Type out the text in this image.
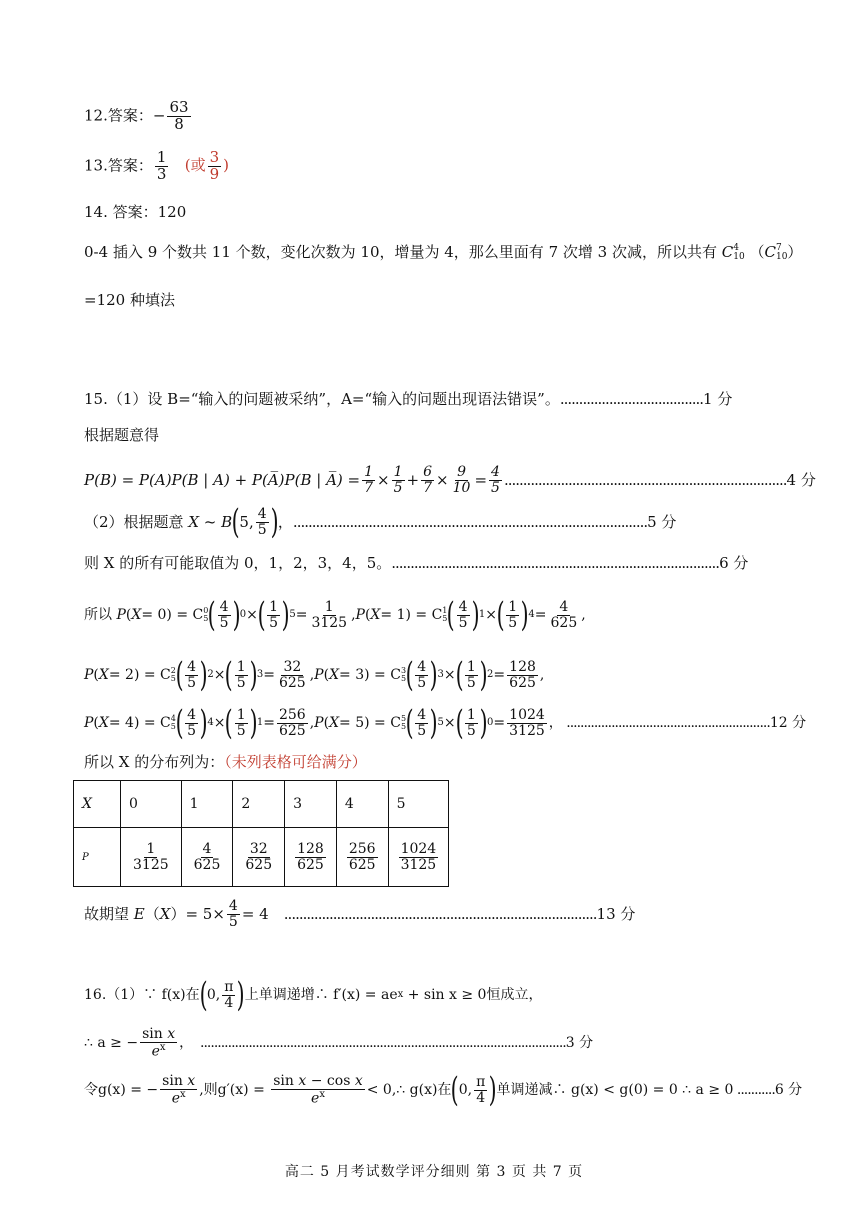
12.答案：− $\frac{63}{8}$
13.答案： $\frac{1}{3}$ (或 $\frac{3}{9}$ )
14. 答案：120
0-4 插入 9 个数共 11 个数，变化次数为 10，增量为 4，那么里面有 7 次增 3 次减，所以共有 C 4
10 （C 7
10 ）
=120 种填法
15.（1）设 B=“输入的问题被采纳”，A=“输入的问题出现语法错误”。......................................1 分
根据题意得
P(B) = P(A)P(B | A) + P(A̅)P(B | A̅) = $\frac{1}{7} \times \frac{1}{5} + \frac{6}{7} \times \frac{9}{10} = \frac{4}{5}$ ........................................................................... 4 分
（2）根据题意
X ~ B ( 5, $\frac{4}{5}$ ) ， .............................................................................................. 5 分
则 X 的所有可能取值为 0，1，2，3，4，5。.......................................................................................6 分
所以
P ( X = 0) = C 0
5 ( $\frac{4}{5}$ ) 0 × ( $\frac{1}{5}$ ) $5 = \frac{1}{3125}$ , P ( X = 1) = C 1
5 ( $\frac{4}{5}$ ) 1 × ( $\frac{1}{5}$ ) $4 = \frac{4}{625}$ ,
P ( X = 2) = C 2
5 ( $\frac{4}{5}$ ) 2 × ( $\frac{1}{5}$ ) $3 = \frac{32}{625}$ , P ( X = 3) = C 3
5 ( $\frac{4}{5}$ ) 3 × ( $\frac{1}{5}$ ) $2 = \frac{128}{625}$ ,
P ( X = 4) = C 4
5 ( $\frac{4}{5}$ ) 4 × ( $\frac{1}{5}$ ) $1 = \frac{256}{625}$ , P ( X = 5) = C 5
5 ( $\frac{4}{5}$ ) 5 × ( $\frac{1}{5}$ ) $0 = \frac{1024}{3125}$ ， ........................................................... 12 分
所以 X 的分布列为：（未列表格可给满分）
X	0	1	2	3	4	5
P	$\frac{1}{3125}$	$\frac{4}{625}$	$\frac{32}{625}$	$\frac{128}{625}$	$\frac{256}{625}$	$\frac{1024}{3125}$
故期望
E （ X ）= $5\times \frac{4}{5} = 4$ ................................................................................... 13 分
16.（1）∵ f(x)在 ( 0, $\frac{\pi}{4}$ ) 上单调递增∴ f′(x) = ae x
+ sin x ≥ 0恒成立，
∴ a ≥ − $\frac{\text{sin x}}{e^x}$ ， .......................................................................................................... 3 分
令g(x) = − $\frac{\text{sin x}}{e^x}$ ,则g′(x) =
$\frac{\text{sin x − cos x}}{e^x}$ < 0,∴ g(x)在 ( 0, $\frac{\pi}{4}$ ) 单调递减∴ g(x) < g(0) = 0 ∴ a ≥ 0 ........... 6 分
高二 5 月考试数学评分细则 第 3 页 共 7 页
